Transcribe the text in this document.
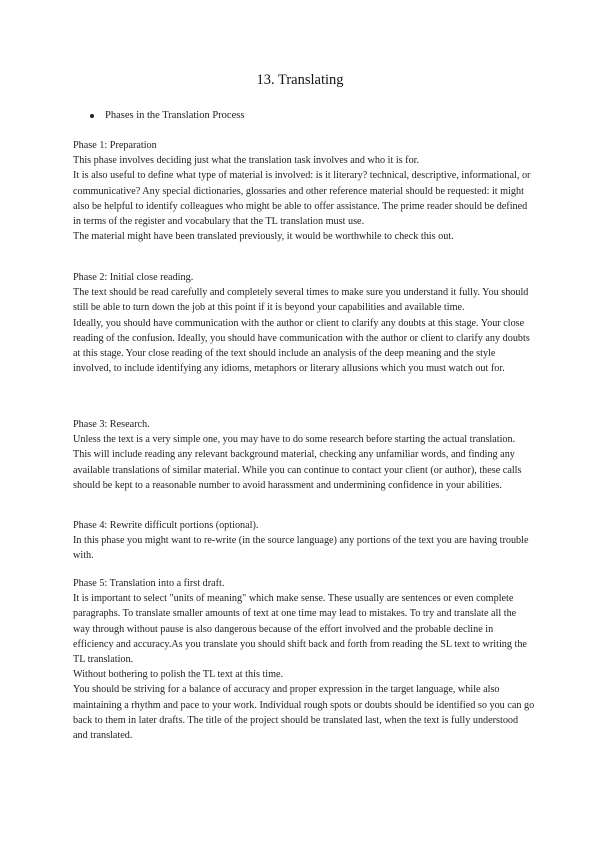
13. Translating
Phases in the Translation Process

Phase 1: Preparation

This phase involves deciding just what the translation task involves and who it is for.

It is also useful to define what type of material is involved: is it literary? technical, descriptive, informational, or communicative? Any special dictionaries, glossaries and other reference material should be requested: it might also be helpful to identify colleagues who might be able to offer assistance. The prime reader should be defined in terms of the register and vocabulary that the TL translation must use.

The material might have been translated previously, it would be worthwhile to check this out.

Phase 2: Initial close reading.

The text should be read carefully and completely several times to make sure you understand it fully. You should still be able to turn down the job at this point if it is beyond your capabilities and available time.

Ideally, you should have communication with the author or client to clarify any doubts at this stage. Your close reading of the confusion. Ideally, you should have communication with the author or client to clarify any doubts at this stage. Your close reading of the text should include an analysis of the deep meaning and the style involved, to include identifying any idioms, metaphors or literary allusions which you must watch out for.

Phase 3: Research.

Unless the text is a very simple one, you may have to do some research before starting the actual translation. This will include reading any relevant background material, checking any unfamiliar words, and finding any available translations of similar material. While you can continue to contact your client (or author), these calls should be kept to a reasonable number to avoid harassment and undermining confidence in your abilities.

Phase 4: Rewrite difficult portions (optional).

In this phase you might want to re-write (in the source language) any portions of the text you are having trouble with.

Phase 5: Translation into a first draft.

It is important to select "units of meaning" which make sense. These usually are sentences or even complete paragraphs. To translate smaller amounts of text at one time may lead to mistakes. To try and translate all the way through without pause is also dangerous because of the effort involved and the probable decline in efficiency and accuracy.As you translate you should shift back and forth from reading the SL text to writing the TL translation.

Without bothering to polish the TL text at this time.

You should be striving for a balance of accuracy and proper expression in the target language, while also maintaining a rhythm and pace to your work. Individual rough spots or doubts should be identified so you can go back to them in later drafts. The title of the project should be translated last, when the text is fully understood and translated.
